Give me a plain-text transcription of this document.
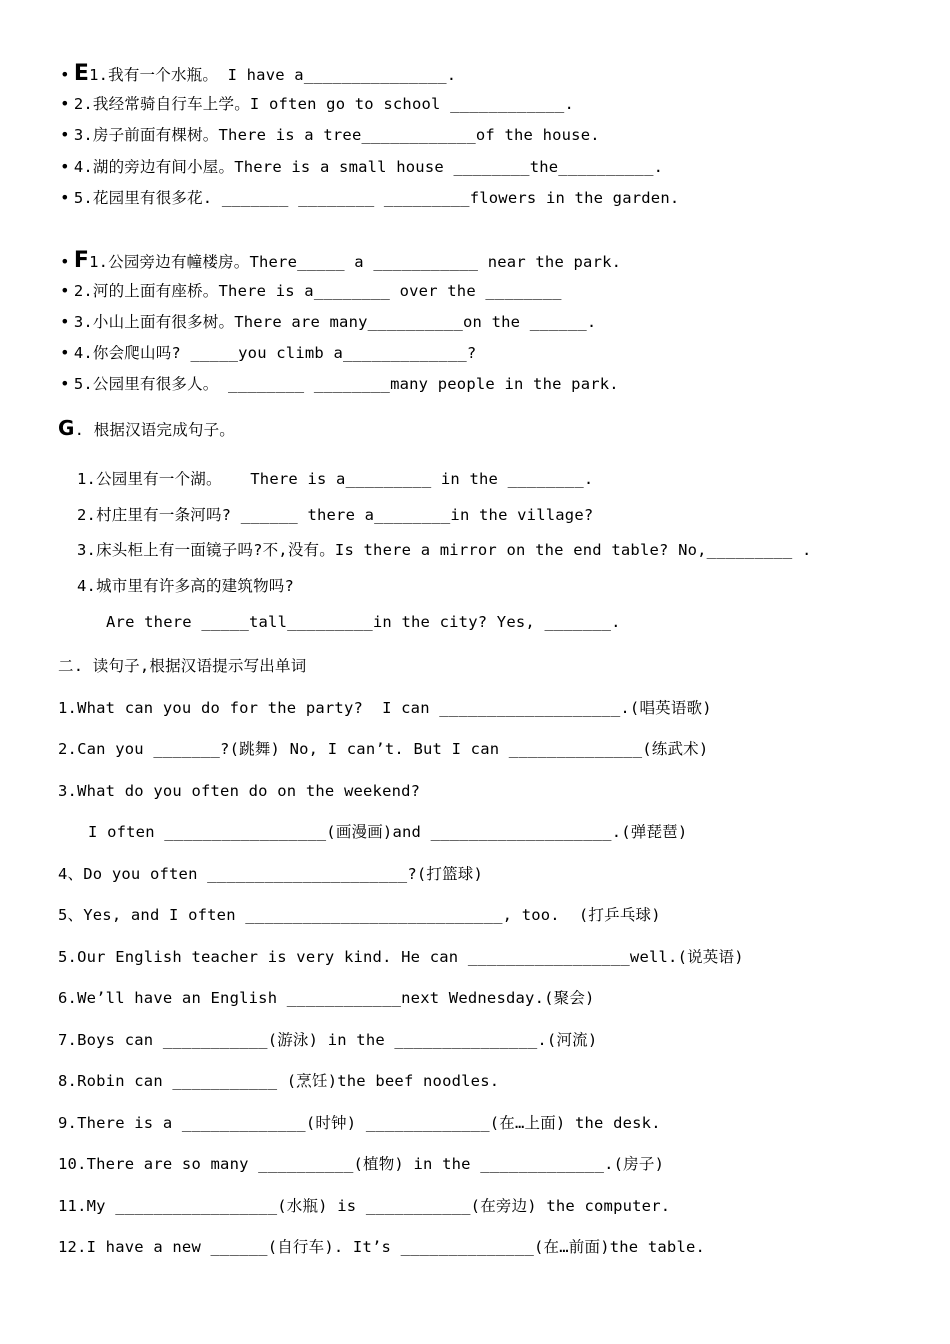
• E1.我有一个水瓶。 I have a_______________.
• 2.我经常骑自行车上学。I often go to school ____________.
• 3.房子前面有棵树。There is a tree____________of the house.
• 4.湖的旁边有间小屋。There is a small house ________the__________.
• 5.花园里有很多花. _______ ________ _________flowers in the garden.
• F1.公园旁边有幢楼房。There_____ a ___________ near the park.
• 2.河的上面有座桥。There is a________ over the ________
• 3.小山上面有很多树。There are many__________on the ______.
• 4.你会爬山吗? _____you climb a_____________?
• 5.公园里有很多人。 ________ ________many people in the park.
G. 根据汉语完成句子。
1.公园里有一个湖。   There is a_________ in the ________.
2.村庄里有一条河吗? ______ there a________in the village?
3.床头柜上有一面镜子吗?不,没有。Is there a mirror on the end table? No,_________ .
4.城市里有许多高的建筑物吗?
Are there _____tall_________in the city? Yes, _______.
二. 读句子,根据汉语提示写出单词
1.What can you do for the party?  I can ___________________.(唱英语歌)
2.Can you _______?(跳舞) No, I can’t. But I can ______________(练武术)
3.What do you often do on the weekend?
I often _________________(画漫画)and ___________________.(弹琵琶)
4、Do you often _____________________?(打篮球)
5、Yes, and I often ___________________________, too.  (打乒乓球)
5.Our English teacher is very kind. He can _________________well.(说英语)
6.We’ll have an English ____________next Wednesday.(聚会)
7.Boys can ___________(游泳) in the _______________.(河流)
8.Robin can ___________ (烹饪)the beef noodles.
9.There is a _____________(时钟) _____________(在…上面) the desk.
10.There are so many __________(植物) in the _____________.(房子)
11.My _________________(水瓶) is ___________(在旁边) the computer.
12.I have a new ______(自行车). It’s ______________(在…前面)the table.
